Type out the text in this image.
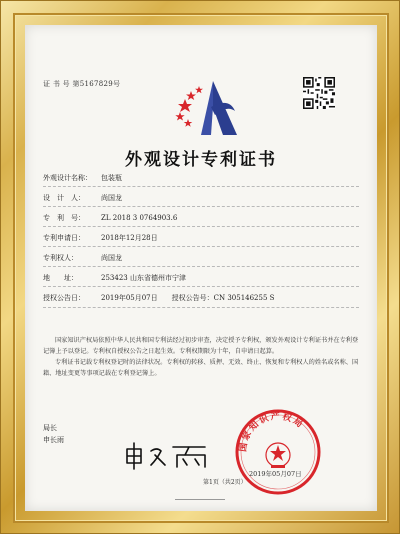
证 书 号 第5167829号
外观设计专利证书
外观设计名称： 包装瓶
设　计　人： 尚国龙
专　利　号： ZL 2018 3 0764903.6
专利申请日： 2018年12月28日
专利权人：	尚国龙
地　　址：	253423 山东省德州市宁津
授权公告日： 2019年05月07日　　授权公告号：CN 305146255 S

国家知识产权局依照中华人民共和国专利法经过初步审查，决定授予专利权，颁发外观设计专利证书并在专利登记簿上予以登记。专利权自授权公告之日起生效。专利权期限为十年，自申请日起算。

专利证书记载专利权登记时的法律状况。专利权的转移、质押、无效、终止、恢复和专利权人的姓名或名称、国籍、地址变更等事项记载在专利登记簿上。

局长
申长雨
国家知识产权局
第1页（共2页）
2019年05月07日
